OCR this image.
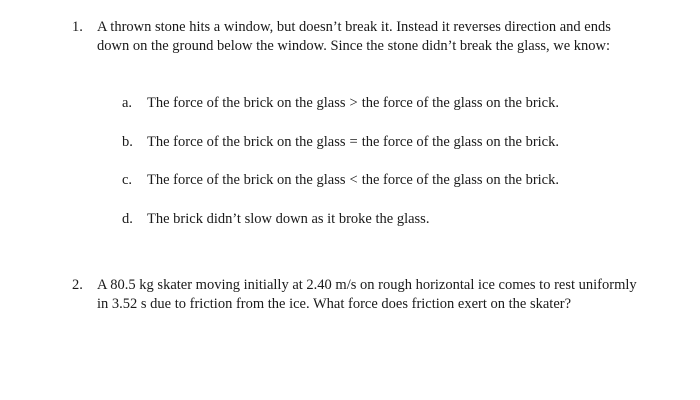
1. A thrown stone hits a window, but doesn’t break it. Instead it reverses direction and ends down on the ground below the window. Since the stone didn’t break the glass, we know:
a.	The force of the brick on the glass > the force of the glass on the brick.
b. The force of the brick on the glass = the force of the glass on the brick.
c.	The force of the brick on the glass < the force of the glass on the brick.
d. The brick didn’t slow down as it broke the glass.
2. A 80.5 kg skater moving initially at 2.40 m/s on rough horizontal ice comes to rest uniformly in 3.52 s due to friction from the ice. What force does friction exert on the skater?
